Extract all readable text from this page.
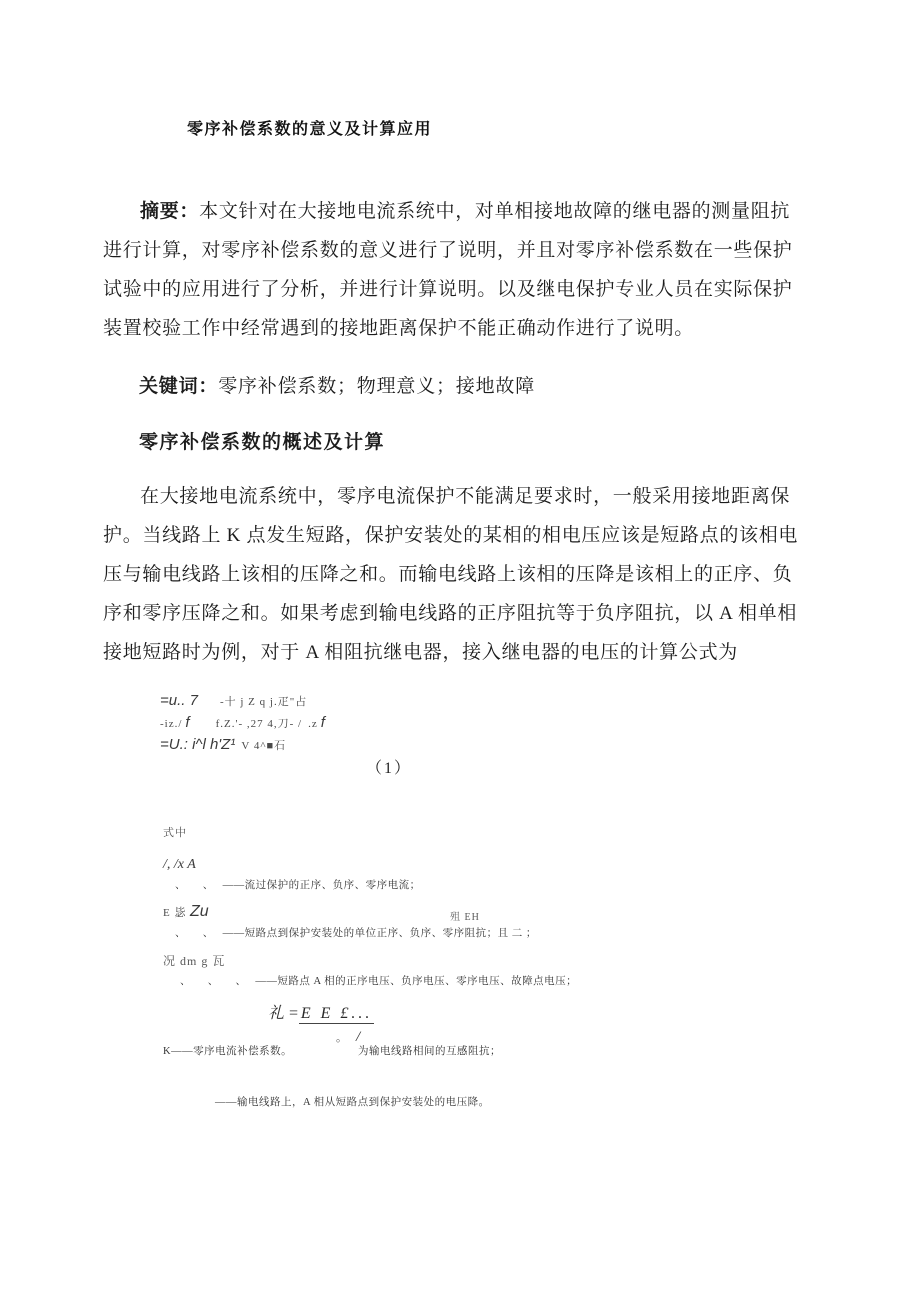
零序补偿系数的意义及计算应用
摘要：本文针对在大接地电流系统中，对单相接地故障的继电器的测量阻抗
进行计算，对零序补偿系数的意义进行了说明，并且对零序补偿系数在一些保护
试验中的应用进行了分析，并进行计算说明。以及继电保护专业人员在实际保护
装置校验工作中经常遇到的接地距离保护不能正确动作进行了说明。
关键词：零序补偿系数；物理意义；接地故障
零序补偿系数的概述及计算
在大接地电流系统中，零序电流保护不能满足要求时，一般采用接地距离保
护。当线路上 K 点发生短路，保护安装处的某相的相电压应该是短路点的该相电
压与输电线路上该相的压降之和。而输电线路上该相的压降是该相上的正序、负
序和零序压降之和。如果考虑到输电线路的正序阻抗等于负序阻抗，以 A 相单相
接地短路时为例，对于 A 相阻抗继电器，接入继电器的电压的计算公式为
=u.. 7 -十 j Z q j.疋"占
-iz./ f f.Z.'- ,27 4,刀- / .z f
=U.: i^l h'Z¹ V 4^■石
（1）
式中
/, /x A
、　　、　 ——流过保护的正序、负序、零序电流；
E 毖 Zu	殂 EH
、　　、　 ——短路点到保护安装处的单位正序、负序、零序阻抗；且 二 ；
况 dm g 瓦
、　　、　　、　 ——短路点 A 相的正序电压、负序电压、零序电压、故障点电压；
礼 = E E £...
。 /
K——零序电流补偿系数。	为输电线路相间的互感阻抗；
——输电线路上，A 相从短路点到保护安装处的电压降。
